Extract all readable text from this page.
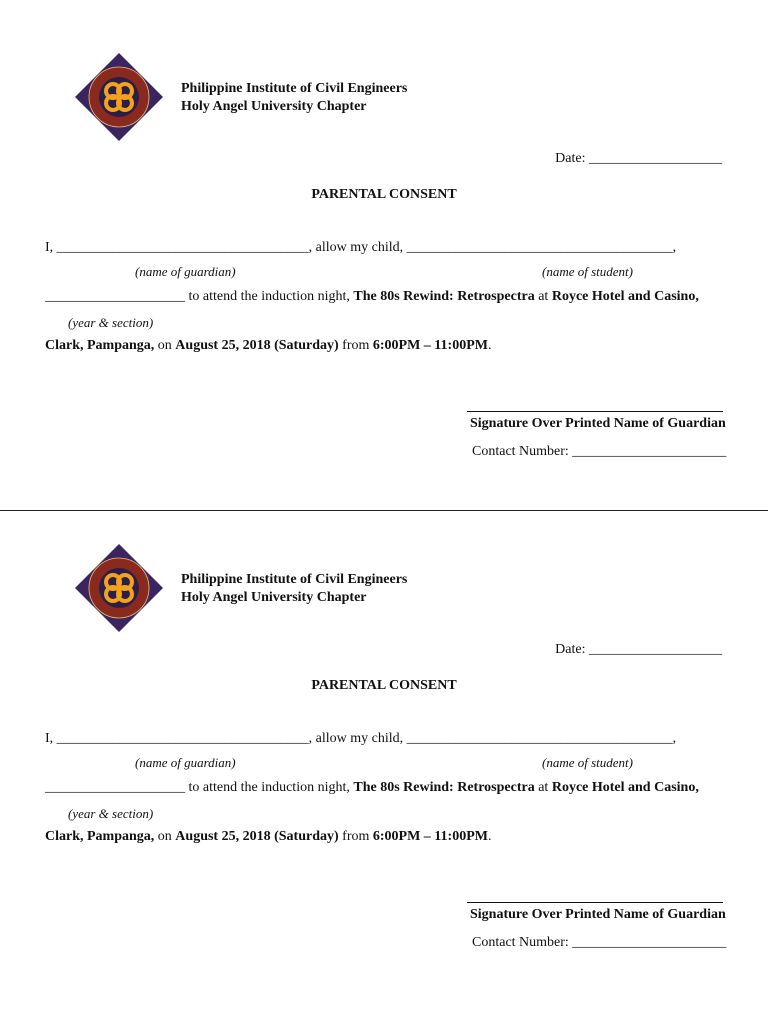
Philippine Institute of Civil Engineers
Holy Angel University Chapter
Date: ___________________
PARENTAL CONSENT
I, ____________________________________, allow my child, ______________________________________,
(name of guardian)	(name of student)
____________________ to attend the induction night, The 80s Rewind: Retrospectra at Royce Hotel and Casino,
(year & section)
Clark, Pampanga, on August 25, 2018 (Saturday) from 6:00PM – 11:00PM.
Signature Over Printed Name of Guardian
Contact Number: ______________________
Philippine Institute of Civil Engineers
Holy Angel University Chapter
Date: ___________________
PARENTAL CONSENT
I, ____________________________________, allow my child, ______________________________________,
(name of guardian)	(name of student)
____________________ to attend the induction night, The 80s Rewind: Retrospectra at Royce Hotel and Casino,
(year & section)
Clark, Pampanga, on August 25, 2018 (Saturday) from 6:00PM – 11:00PM.
Signature Over Printed Name of Guardian
Contact Number: ______________________
